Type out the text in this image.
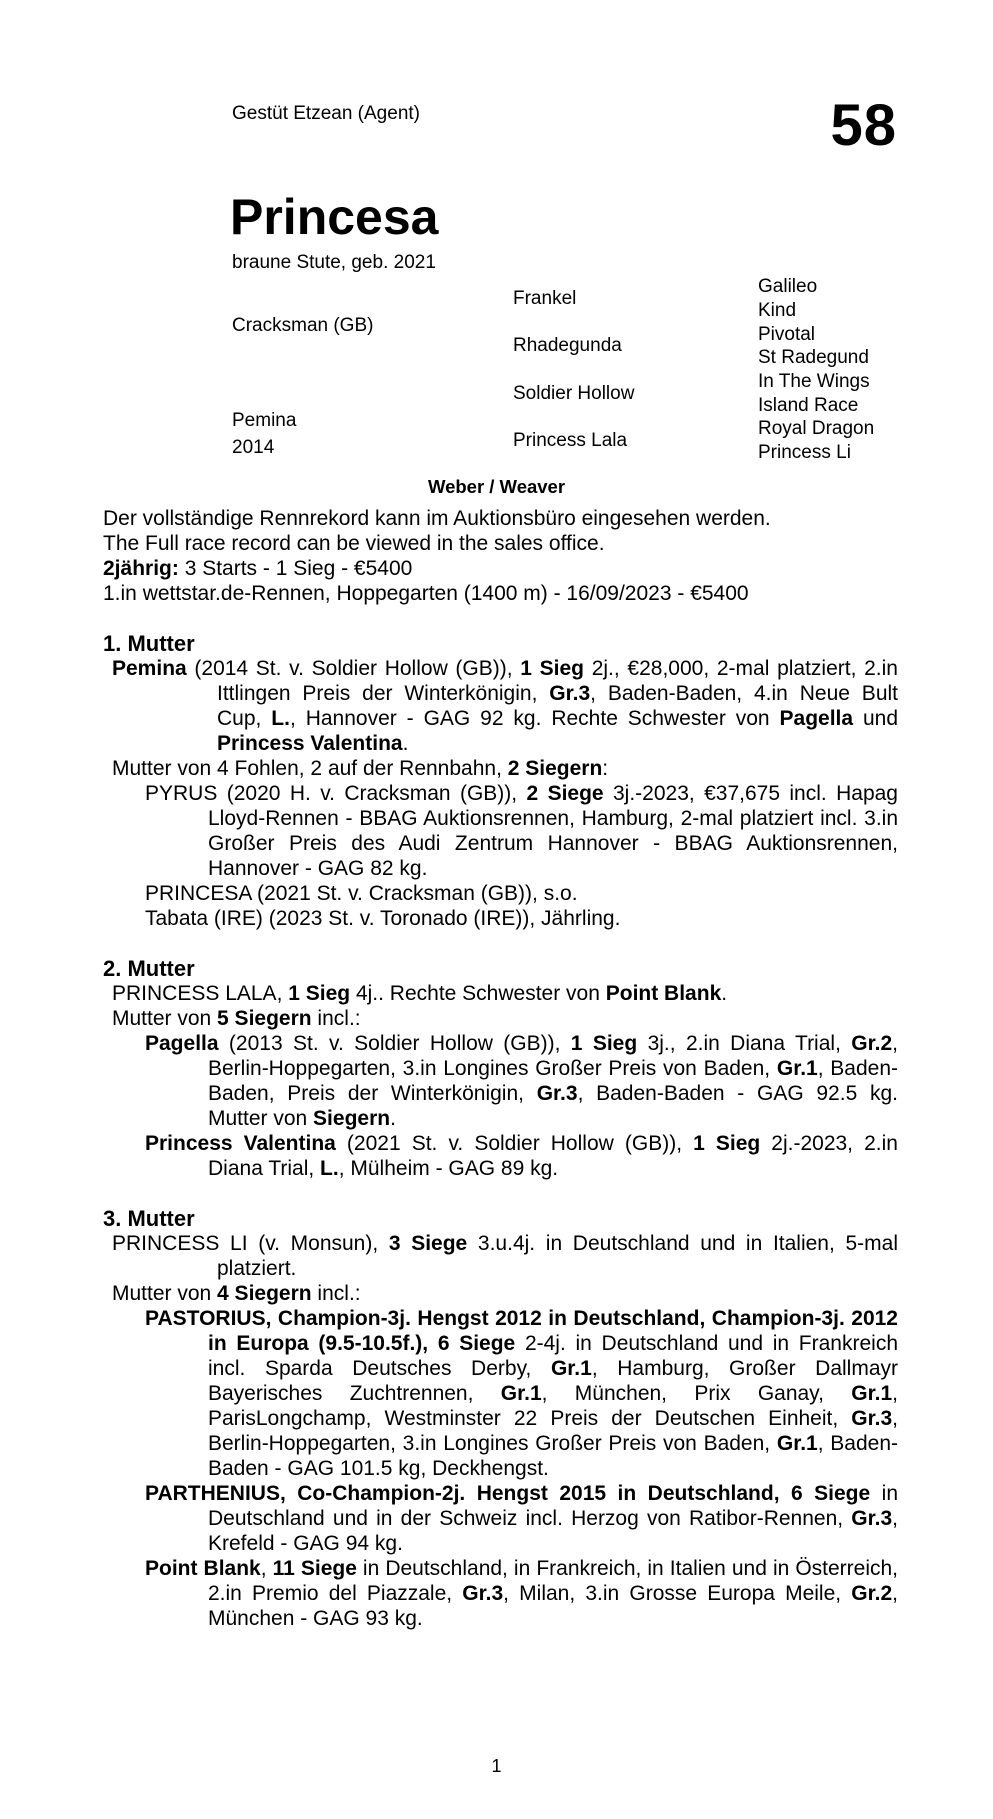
Gestüt Etzean (Agent)	58
Princesa
braune Stute, geb. 2021
Cracksman (GB)
Pemina
2014
Frankel
Rhadegunda
Soldier Hollow
Princess Lala
Galileo
Kind
Pivotal
St Radegund
In The Wings
Island Race
Royal Dragon
Princess Li
Weber / Weaver
Der vollständige Rennrekord kann im Auktionsbüro eingesehen werden.
The Full race record can be viewed in the sales office.
2jährig: 3 Starts - 1 Sieg - €5400
1.in wettstar.de-Rennen, Hoppegarten (1400 m) - 16/09/2023 - €5400
1. Mutter
Pemina (2014 St. v. Soldier Hollow (GB)), 1 Sieg 2j., €28,000, 2-mal platziert, 2.in Ittlingen Preis der Winterkönigin, Gr.3, Baden-Baden, 4.in Neue Bult Cup, L., Hannover - GAG 92 kg. Rechte Schwester von Pagella und Princess Valentina.
Mutter von 4 Fohlen, 2 auf der Rennbahn, 2 Siegern:
PYRUS (2020 H. v. Cracksman (GB)), 2 Siege 3j.-2023, €37,675 incl. Hapag Lloyd-Rennen - BBAG Auktionsrennen, Hamburg, 2-mal platziert incl. 3.in Großer Preis des Audi Zentrum Hannover - BBAG Auktionsrennen, Hannover - GAG 82 kg.
PRINCESA (2021 St. v. Cracksman (GB)), s.o.
Tabata (IRE) (2023 St. v. Toronado (IRE)), Jährling.
2. Mutter
PRINCESS LALA, 1 Sieg 4j.. Rechte Schwester von Point Blank.
Mutter von 5 Siegern incl.:
Pagella (2013 St. v. Soldier Hollow (GB)), 1 Sieg 3j., 2.in Diana Trial, Gr.2, Berlin-Hoppegarten, 3.in Longines Großer Preis von Baden, Gr.1, Baden-Baden, Preis der Winterkönigin, Gr.3, Baden-Baden - GAG 92.5 kg. Mutter von Siegern.
Princess Valentina (2021 St. v. Soldier Hollow (GB)), 1 Sieg 2j.-2023, 2.in Diana Trial, L., Mülheim - GAG 89 kg.
3. Mutter
PRINCESS LI (v. Monsun), 3 Siege 3.u.4j. in Deutschland und in Italien, 5-mal platziert.
Mutter von 4 Siegern incl.:
PASTORIUS, Champion-3j. Hengst 2012 in Deutschland, Champion-3j. 2012 in Europa (9.5-10.5f.), 6 Siege 2-4j. in Deutschland und in Frankreich incl. Sparda Deutsches Derby, Gr.1, Hamburg, Großer Dallmayr Bayerisches Zuchtrennen, Gr.1, München, Prix Ganay, Gr.1, ParisLongchamp, Westminster 22 Preis der Deutschen Einheit, Gr.3, Berlin-Hoppegarten, 3.in Longines Großer Preis von Baden, Gr.1, Baden-Baden - GAG 101.5 kg, Deckhengst.
PARTHENIUS, Co-Champion-2j. Hengst 2015 in Deutschland, 6 Siege in Deutschland und in der Schweiz incl. Herzog von Ratibor-Rennen, Gr.3, Krefeld - GAG 94 kg.
Point Blank, 11 Siege in Deutschland, in Frankreich, in Italien und in Österreich, 2.in Premio del Piazzale, Gr.3, Milan, 3.in Grosse Europa Meile, Gr.2, München - GAG 93 kg.
1
